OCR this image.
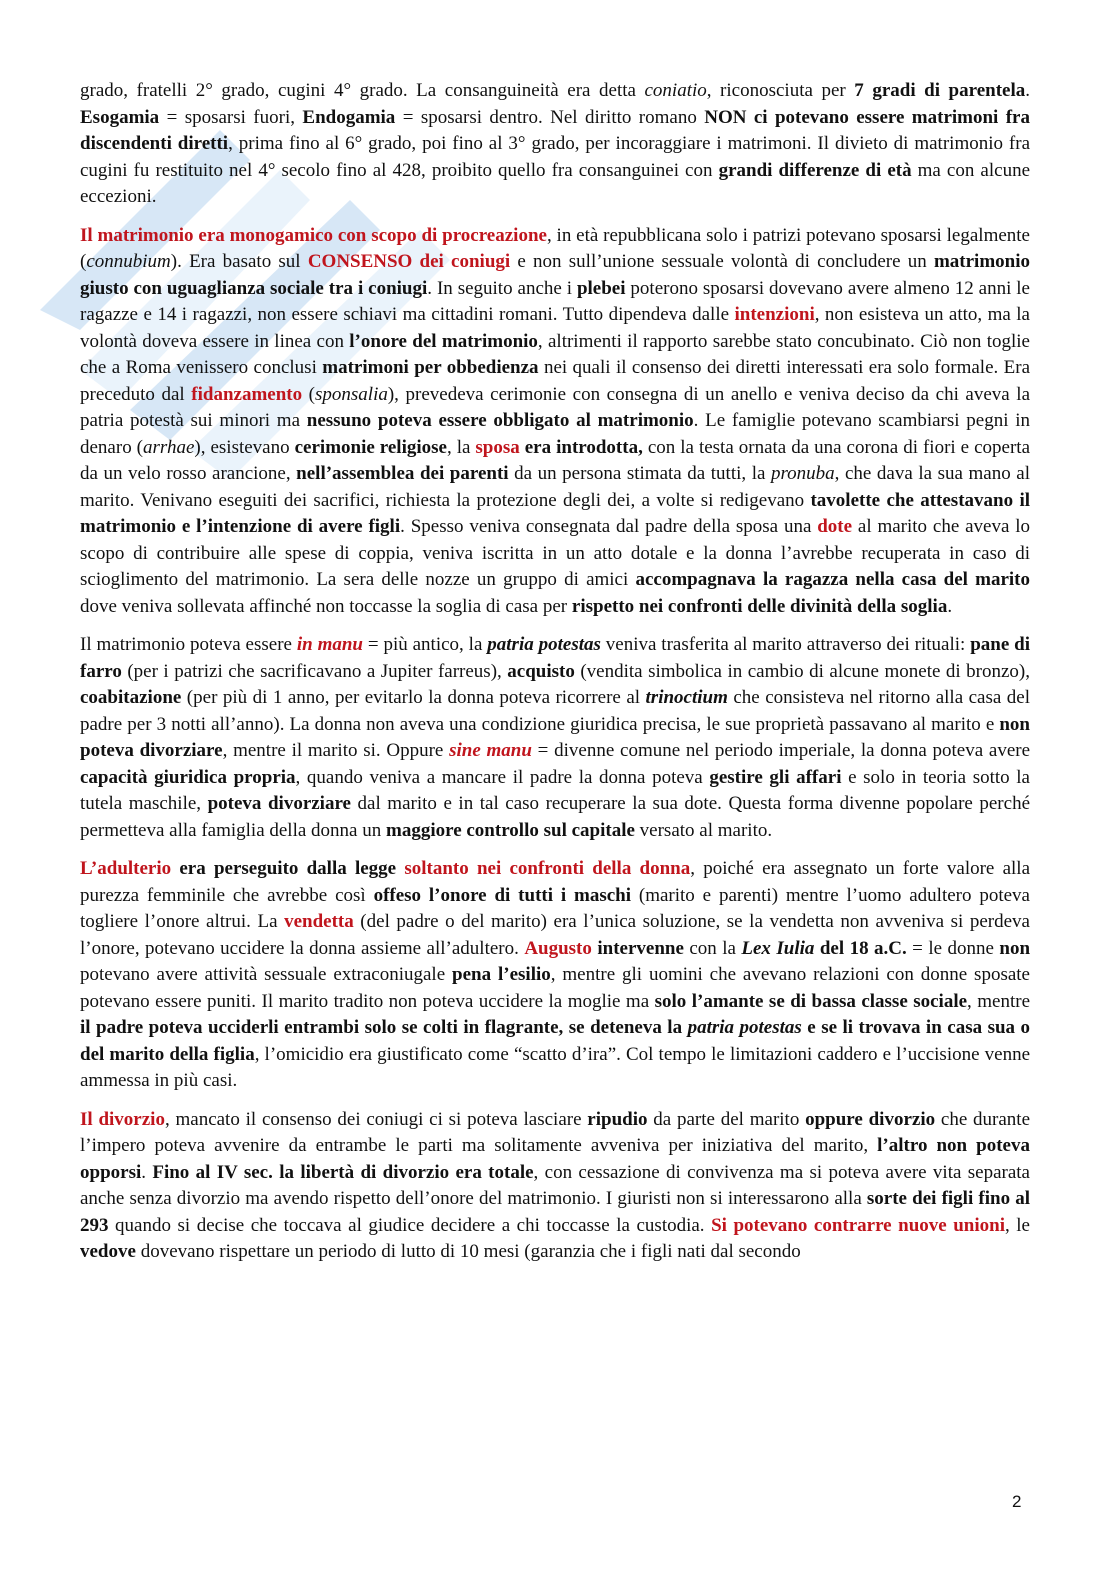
grado, fratelli 2° grado, cugini 4° grado. La consanguineità era detta coniatio, riconosciuta per 7 gradi di parentela. Esogamia = sposarsi fuori, Endogamia = sposarsi dentro. Nel diritto romano NON ci potevano essere matrimoni fra discendenti diretti, prima fino al 6° grado, poi fino al 3° grado, per incoraggiare i matrimoni. Il divieto di matrimonio fra cugini fu restituito nel 4° secolo fino al 428, proibito quello fra consanguinei con grandi differenze di età ma con alcune eccezioni.

Il matrimonio era monogamico con scopo di procreazione, in età repubblicana solo i patrizi potevano sposarsi legalmente (connubium). Era basato sul CONSENSO dei coniugi e non sull’unione sessuale volontà di concludere un matrimonio giusto con uguaglianza sociale tra i coniugi. In seguito anche i plebei poterono sposarsi dovevano avere almeno 12 anni le ragazze e 14 i ragazzi, non essere schiavi ma cittadini romani. Tutto dipendeva dalle intenzioni, non esisteva un atto, ma la volontà doveva essere in linea con l’onore del matrimonio, altrimenti il rapporto sarebbe stato concubinato. Ciò non toglie che a Roma venissero conclusi matrimoni per obbedienza nei quali il consenso dei diretti interessati era solo formale. Era preceduto dal fidanzamento (sponsalia), prevedeva cerimonie con consegna di un anello e veniva deciso da chi aveva la patria potestà sui minori ma nessuno poteva essere obbligato al matrimonio. Le famiglie potevano scambiarsi pegni in denaro (arrhae), esistevano cerimonie religiose, la sposa era introdotta, con la testa ornata da una corona di fiori e coperta da un velo rosso arancione, nell’assemblea dei parenti da un persona stimata da tutti, la pronuba, che dava la sua mano al marito. Venivano eseguiti dei sacrifici, richiesta la protezione degli dei, a volte si redigevano tavolette che attestavano il matrimonio e l’intenzione di avere figli. Spesso veniva consegnata dal padre della sposa una dote al marito che aveva lo scopo di contribuire alle spese di coppia, veniva iscritta in un atto dotale e la donna l’avrebbe recuperata in caso di scioglimento del matrimonio. La sera delle nozze un gruppo di amici accompagnava la ragazza nella casa del marito dove veniva sollevata affinché non toccasse la soglia di casa per rispetto nei confronti delle divinità della soglia.

Il matrimonio poteva essere in manu = più antico, la patria potestas veniva trasferita al marito attraverso dei rituali: pane di farro (per i patrizi che sacrificavano a Jupiter farreus), acquisto (vendita simbolica in cambio di alcune monete di bronzo), coabitazione (per più di 1 anno, per evitarlo la donna poteva ricorrere al trinoctium che consisteva nel ritorno alla casa del padre per 3 notti all’anno). La donna non aveva una condizione giuridica precisa, le sue proprietà passavano al marito e non poteva divorziare, mentre il marito si. Oppure sine manu = divenne comune nel periodo imperiale, la donna poteva avere capacità giuridica propria, quando veniva a mancare il padre la donna poteva gestire gli affari e solo in teoria sotto la tutela maschile, poteva divorziare dal marito e in tal caso recuperare la sua dote. Questa forma divenne popolare perché permetteva alla famiglia della donna un maggiore controllo sul capitale versato al marito.

L’adulterio era perseguito dalla legge soltanto nei confronti della donna, poiché era assegnato un forte valore alla purezza femminile che avrebbe così offeso l’onore di tutti i maschi (marito e parenti) mentre l’uomo adultero poteva togliere l’onore altrui. La vendetta (del padre o del marito) era l’unica soluzione, se la vendetta non avveniva si perdeva l’onore, potevano uccidere la donna assieme all’adultero. Augusto intervenne con la Lex Iulia del 18 a.C. = le donne non potevano avere attività sessuale extraconiugale pena l’esilio, mentre gli uomini che avevano relazioni con donne sposate potevano essere puniti. Il marito tradito non poteva uccidere la moglie ma solo l’amante se di bassa classe sociale, mentre il padre poteva ucciderli entrambi solo se colti in flagrante, se deteneva la patria potestas e se li trovava in casa sua o del marito della figlia, l’omicidio era giustificato come “scatto d’ira”. Col tempo le limitazioni caddero e l’uccisione venne ammessa in più casi.

Il divorzio, mancato il consenso dei coniugi ci si poteva lasciare ripudio da parte del marito oppure divorzio che durante l’impero poteva avvenire da entrambe le parti ma solitamente avveniva per iniziativa del marito, l’altro non poteva opporsi. Fino al IV sec. la libertà di divorzio era totale, con cessazione di convivenza ma si poteva avere vita separata anche senza divorzio ma avendo rispetto dell’onore del matrimonio. I giuristi non si interessarono alla sorte dei figli fino al 293 quando si decise che toccava al giudice decidere a chi toccasse la custodia. Si potevano contrarre nuove unioni, le vedove dovevano rispettare un periodo di lutto di 10 mesi (garanzia che i figli nati dal secondo

2
